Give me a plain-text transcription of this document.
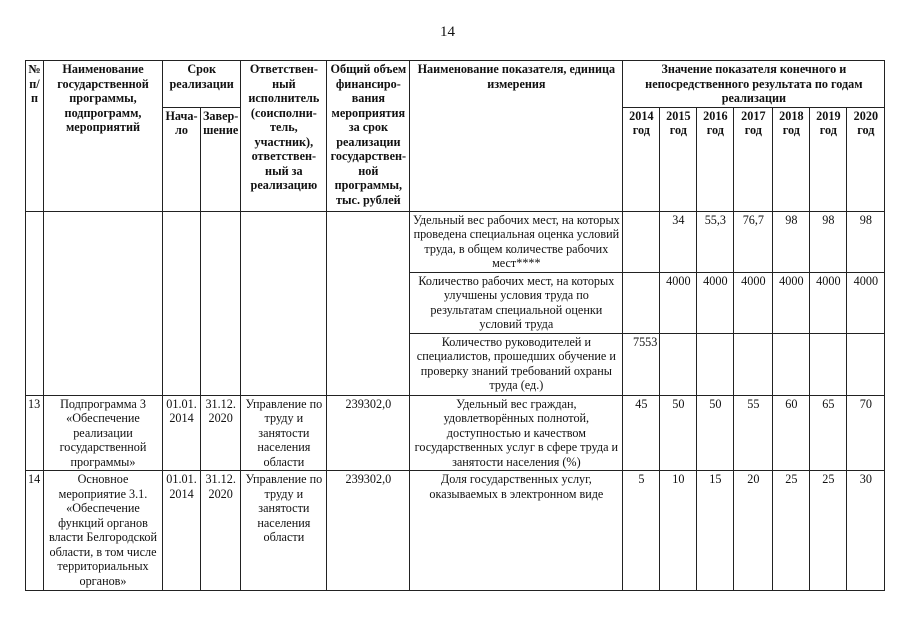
14
№ п/п	Наименование государственной программы, подпрограмм, мероприятий	Срок реализации		Ответствен-ный исполнитель (соисполни-тель, участник), ответствен-ный за реализацию	Общий объем финансиро-вания мероприятия за срок реализации государствен-ной программы, тыс. рублей	Наименование показателя, единица измерения	Значение показателя конечного и непосредственного результата по годам реализации						
		Нача-ло	Завер-шение				2014 год	2015 год	2016 год	2017 год	2018 год	2019 год	2020 год

						Удельный вес рабочих мест, на которых проведена специальная оценка условий труда, в общем количестве рабочих мест****		34	55,3	76,7	98	98	98
						Количество рабочих мест, на которых улучшены условия труда по результатам специальной оценки условий труда		4000	4000	4000	4000	4000	4000
						Количество руководителей и специалистов, прошедших обучение и проверку знаний требований охраны труда (ед.)	7553						
13	Подпрограмма 3 «Обеспечение реализации государственной программы»	01.01. 2014	31.12. 2020	Управление по труду и занятости населения области	239302,0	Удельный вес граждан, удовлетворённых полнотой, доступностью и качеством государственных услуг в сфере труда и занятости населения (%)	45	50	50	55	60	65	70
14	Основное мероприятие 3.1. «Обеспечение функций органов власти Белгородской области, в том числе территориальных органов»	01.01. 2014	31.12. 2020	Управление по труду и занятости населения области	239302,0	Доля государственных услуг, оказываемых в электронном виде	5	10	15	20	25	25	30
